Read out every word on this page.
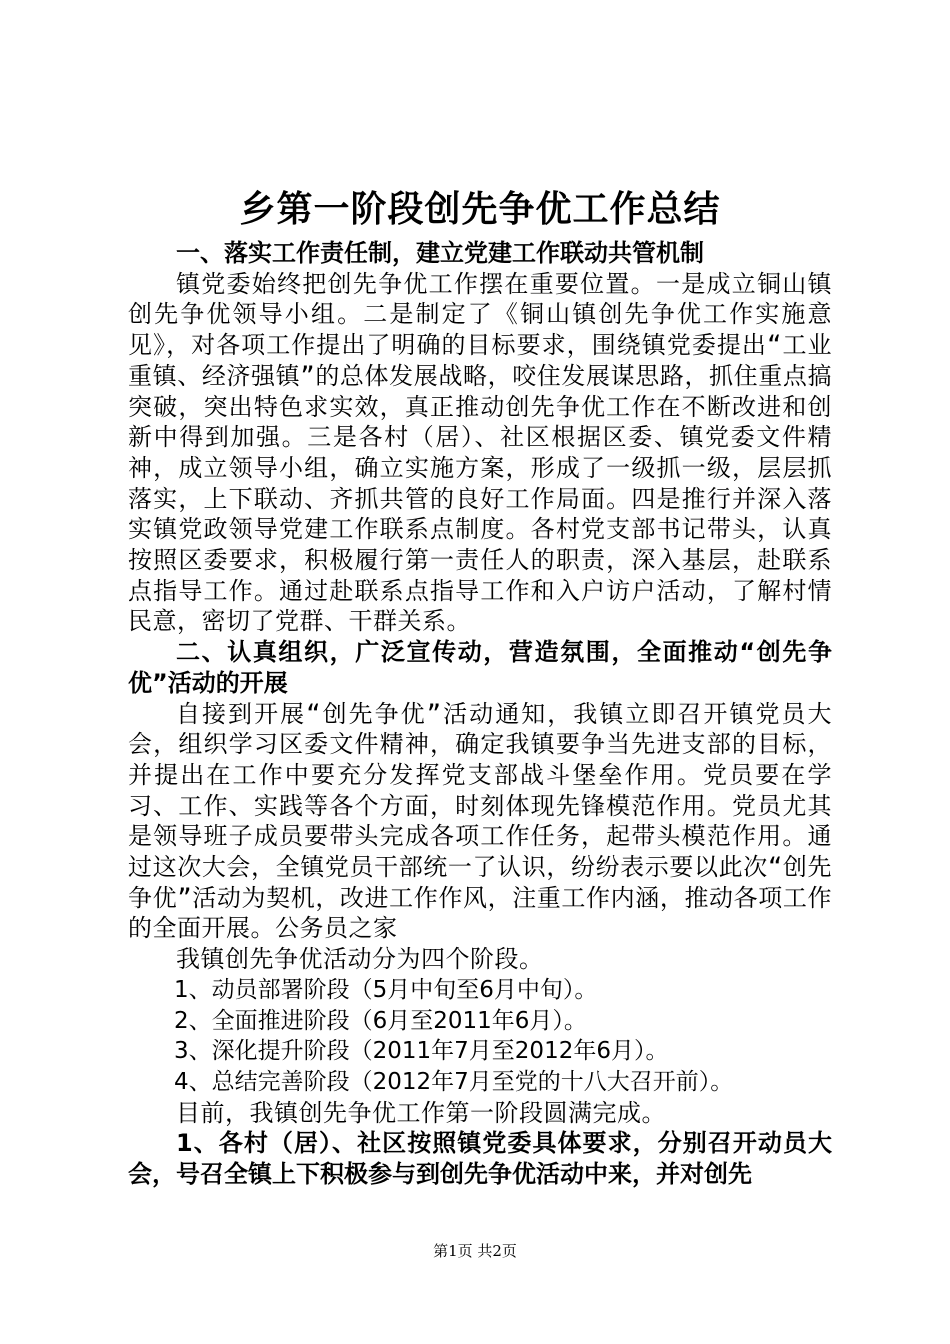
乡第一阶段创先争优工作总结

一、落实工作责任制，建立党建工作联动共管机制

镇党委始终把创先争优工作摆在重要位置。一是成立铜山镇创先争优领导小组。二是制定了《铜山镇创先争优工作实施意见》，对各项工作提出了明确的目标要求，围绕镇党委提出“工业重镇、经济强镇”的总体发展战略，咬住发展谋思路，抓住重点搞突破，突出特色求实效，真正推动创先争优工作在不断改进和创新中得到加强。三是各村（居）、社区根据区委、镇党委文件精神，成立领导小组，确立实施方案，形成了一级抓一级，层层抓落实，上下联动、齐抓共管的良好工作局面。四是推行并深入落实镇党政领导党建工作联系点制度。各村党支部书记带头，认真按照区委要求，积极履行第一责任人的职责，深入基层，赴联系点指导工作。通过赴联系点指导工作和入户访户活动，了解村情民意，密切了党群、干群关系。

二、认真组织，广泛宣传动，营造氛围，全面推动“创先争优”活动的开展

自接到开展“创先争优”活动通知，我镇立即召开镇党员大会，组织学习区委文件精神，确定我镇要争当先进支部的目标，并提出在工作中要充分发挥党支部战斗堡垒作用。党员要在学习、工作、实践等各个方面，时刻体现先锋模范作用。党员尤其是领导班子成员要带头完成各项工作任务，起带头模范作用。通过这次大会，全镇党员干部统一了认识，纷纷表示要以此次“创先争优”活动为契机，改进工作作风，注重工作内涵，推动各项工作的全面开展。公务员之家

我镇创先争优活动分为四个阶段。

1、动员部署阶段（5月中旬至6月中旬）。

2、全面推进阶段（6月至2011年6月）。

3、深化提升阶段（2011年7月至2012年6月）。

4、总结完善阶段（2012年7月至党的十八大召开前）。

目前，我镇创先争优工作第一阶段圆满完成。

1、各村（居）、社区按照镇党委具体要求，分别召开动员大会，号召全镇上下积极参与到创先争优活动中来，并对创先

第1页 共2页
